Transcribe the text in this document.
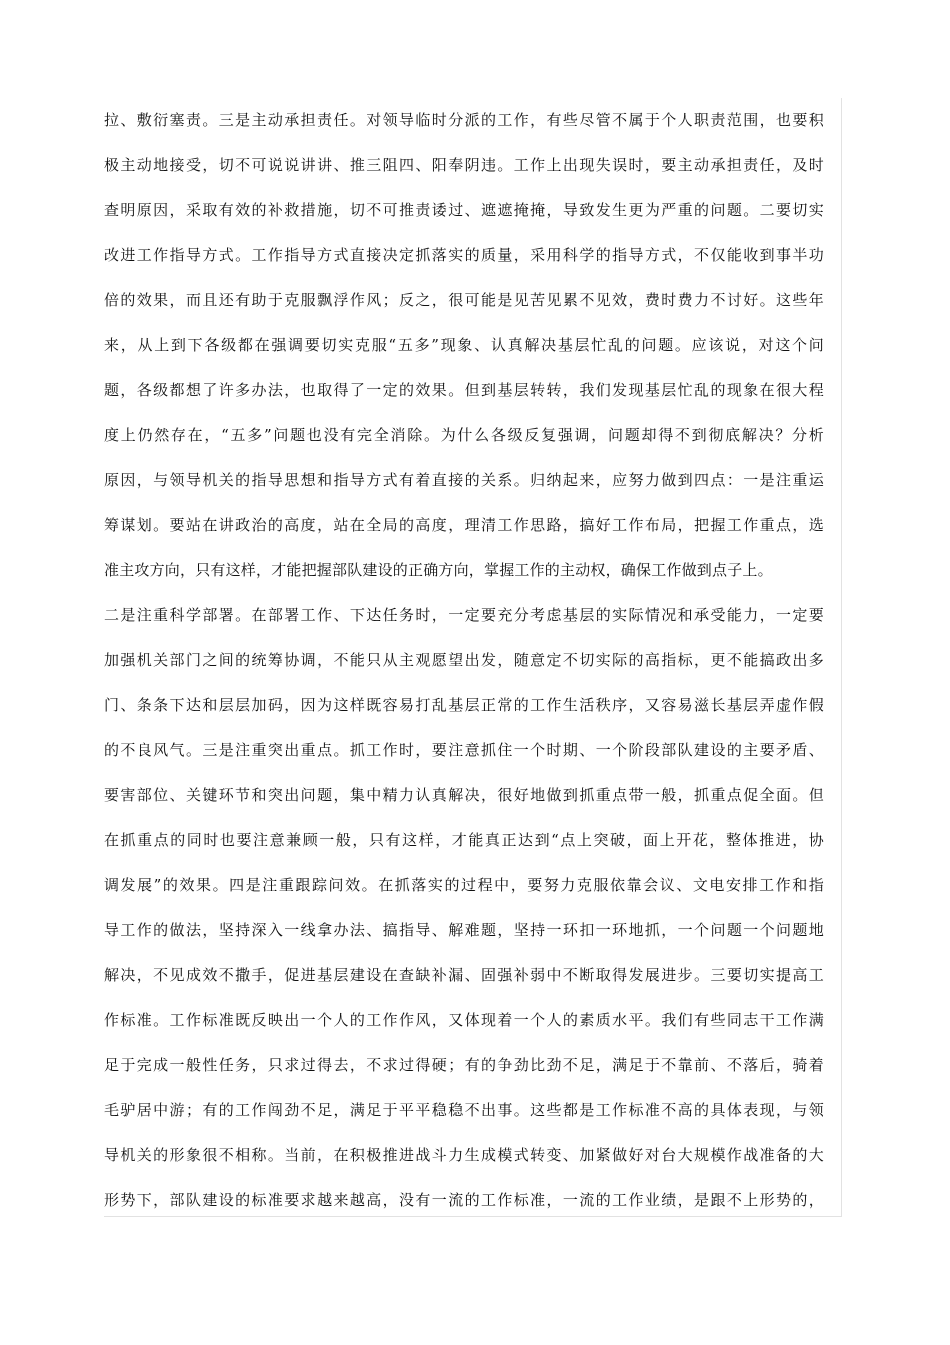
拉、敷衍塞责。三是主动承担责任。对领导临时分派的工作，有些尽管不属于个人职责范围，也要积
极主动地接受，切不可说说讲讲、推三阻四、阳奉阴违。工作上出现失误时，要主动承担责任，及时
查明原因，采取有效的补救措施，切不可推责诿过、遮遮掩掩，导致发生更为严重的问题。二要切实
改进工作指导方式。工作指导方式直接决定抓落实的质量，采用科学的指导方式，不仅能收到事半功
倍的效果，而且还有助于克服飘浮作风；反之，很可能是见苦见累不见效，费时费力不讨好。这些年
来，从上到下各级都在强调要切实克服“五多”现象、认真解决基层忙乱的问题。应该说，对这个问
题，各级都想了许多办法，也取得了一定的效果。但到基层转转，我们发现基层忙乱的现象在很大程
度上仍然存在，“五多”问题也没有完全消除。为什么各级反复强调，问题却得不到彻底解决？分析
原因，与领导机关的指导思想和指导方式有着直接的关系。归纳起来，应努力做到四点：一是注重运
筹谋划。要站在讲政治的高度，站在全局的高度，理清工作思路，搞好工作布局，把握工作重点，选
准主攻方向，只有这样，才能把握部队建设的正确方向，掌握工作的主动权，确保工作做到点子上。
二是注重科学部署。在部署工作、下达任务时，一定要充分考虑基层的实际情况和承受能力，一定要
加强机关部门之间的统筹协调，不能只从主观愿望出发，随意定不切实际的高指标，更不能搞政出多
门、条条下达和层层加码，因为这样既容易打乱基层正常的工作生活秩序，又容易滋长基层弄虚作假
的不良风气。三是注重突出重点。抓工作时，要注意抓住一个时期、一个阶段部队建设的主要矛盾、
要害部位、关键环节和突出问题，集中精力认真解决，很好地做到抓重点带一般，抓重点促全面。但
在抓重点的同时也要注意兼顾一般，只有这样，才能真正达到“点上突破，面上开花，整体推进，协
调发展”的效果。四是注重跟踪问效。在抓落实的过程中，要努力克服依靠会议、文电安排工作和指
导工作的做法，坚持深入一线拿办法、搞指导、解难题，坚持一环扣一环地抓，一个问题一个问题地
解决，不见成效不撒手，促进基层建设在查缺补漏、固强补弱中不断取得发展进步。三要切实提高工
作标准。工作标准既反映出一个人的工作作风，又体现着一个人的素质水平。我们有些同志干工作满
足于完成一般性任务，只求过得去，不求过得硬；有的争劲比劲不足，满足于不靠前、不落后，骑着
毛驴居中游；有的工作闯劲不足，满足于平平稳稳不出事。这些都是工作标准不高的具体表现，与领
导机关的形象很不相称。当前，在积极推进战斗力生成模式转变、加紧做好对台大规模作战准备的大
形势下，部队建设的标准要求越来越高，没有一流的工作标准，一流的工作业绩，是跟不上形势的，
